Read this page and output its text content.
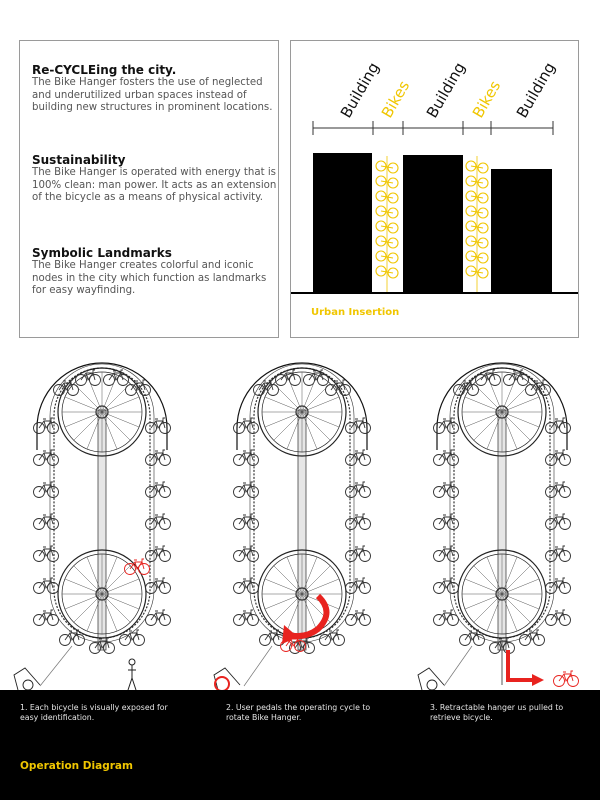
Re-CYCLEing the city.

The Bike Hanger fosters the use of neglected and underutilized urban spaces instead of building new structures in prominent locations.

Sustainability

The Bike Hanger is operated with energy that is 100% clean: man power. It acts as an extension of the bicycle as a means of physical activity.

Symbolic Landmarks

The Bike Hanger creates colorful and iconic nodes in the city which function as landmarks for easy wayfinding.

Building
Bikes Building Bikes Building
Urban Insertion
1. Each bicycle is visually exposed for easy identification.
2. User pedals the operating cycle to rotate Bike Hanger.
3. Retractable hanger us pulled to retrieve bicycle.
Operation Diagram
